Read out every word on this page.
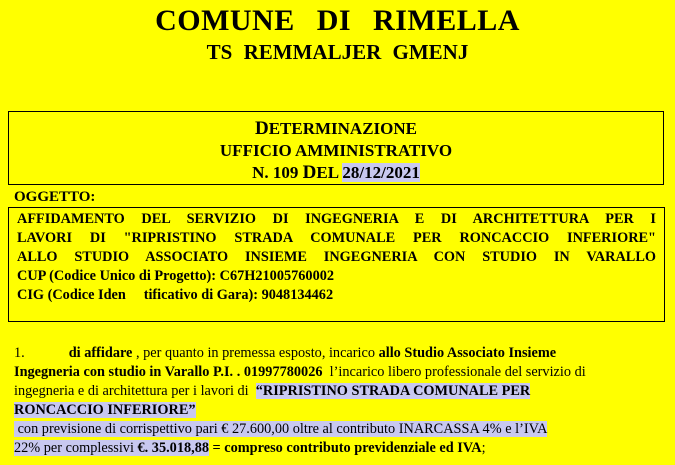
COMUNE DI RIMELLA
TS REMMALJER GMENJ
DETERMINAZIONE
UFFICIO AMMINISTRATIVO
N. 109 DEL 28/12/2021
OGGETTO:
AFFIDAMENTO DEL SERVIZIO DI INGEGNERIA E DI ARCHITETTURA PER I
LAVORI DI "RIPRISTINO STRADA COMUNALE PER RONCACCIO INFERIORE"
ALLO STUDIO ASSOCIATO INSIEME INGEGNERIA CON STUDIO IN VARALLO
CUP (Codice Unico di Progetto): C67H21005760002
CIG (Codice Iden     tificativo di Gara): 9048134462
1.	di affidare , per quanto in premessa esposto, incarico allo Studio Associato Insieme
Ingegneria con studio in Varallo P.I. . 01997780026  l’incarico libero professionale del servizio di
ingegneria e di architettura per i lavori di  “RIPRISTINO STRADA COMUNALE PER
RONCACCIO INFERIORE”
con previsione di corrispettivo pari € 27.600,00 oltre al contributo INARCASSA 4% e l’IVA
22% per complessivi €. 35.018,88 = compreso contributo previdenziale ed IVA;
